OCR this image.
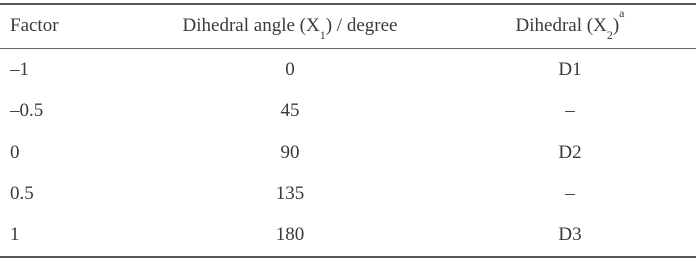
Factor	Dihedral angle $(X_1)$ / degree	Dihedral $(X_2)^a$
–1	0	D1
–0.5	45	–
0	90	D2
0.5	135	–
1	180	D3
